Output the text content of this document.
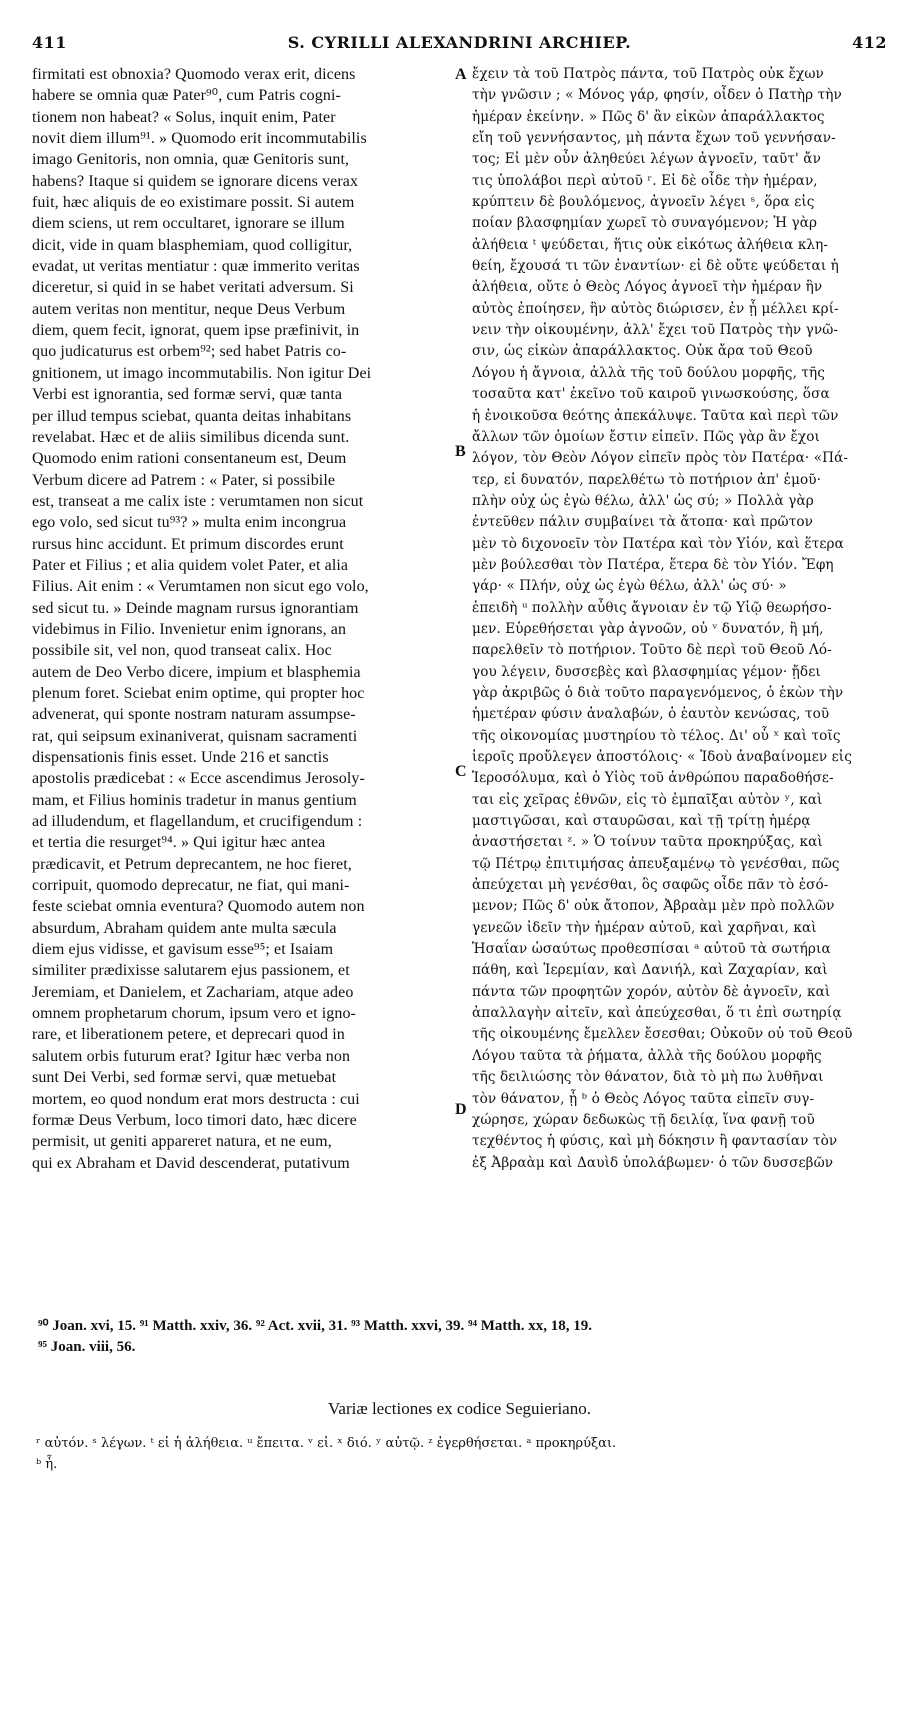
411	S. CYRILLI ALEXANDRINI ARCHIEP.	412
firmitati est obnoxia? Quomodo verax erit, dicens
habere se omnia quæ Pater⁹⁰, cum Patris cogni-
tionem non habeat? « Solus, inquit enim, Pater
novit diem illum⁹¹. » Quomodo erit incommutabilis
imago Genitoris, non omnia, quæ Genitoris sunt,
habens? Itaque si quidem se ignorare dicens verax
fuit, hæc aliquis de eo existimare possit. Si autem
diem sciens, ut rem occultaret, ignorare se illum
dicit, vide in quam blasphemiam, quod colligitur,
evadat, ut veritas mentiatur : quæ immerito veritas
diceretur, si quid in se habet veritati adversum. Si
autem veritas non mentitur, neque Deus Verbum
diem, quem fecit, ignorat, quem ipse præfinivit, in
quo judicaturus est orbem⁹²; sed habet Patris co-
gnitionem, ut imago incommutabilis. Non igitur Dei
Verbi est ignorantia, sed formæ servi, quæ tanta
per illud tempus sciebat, quanta deitas inhabitans
revelabat. Hæc et de aliis similibus dicenda sunt.
Quomodo enim rationi consentaneum est, Deum
Verbum dicere ad Patrem : « Pater, si possibile
est, transeat a me calix iste : verumtamen non sicut
ego volo, sed sicut tu⁹³? » multa enim incongrua
rursus hinc accidunt. Et primum discordes erunt
Pater et Filius ; et alia quidem volet Pater, et alia
Filius. Ait enim : « Verumtamen non sicut ego volo,
sed sicut tu. » Deinde magnam rursus ignorantiam
videbimus in Filio. Invenietur enim ignorans, an
possibile sit, vel non, quod transeat calix. Hoc
autem de Deo Verbo dicere, impium et blasphemia
plenum foret. Sciebat enim optime, qui propter hoc
advenerat, qui sponte nostram naturam assumpse-
rat, qui seipsum exinaniverat, quisnam sacramenti
dispensationis finis esset. Unde 216 et sanctis
apostolis prædicebat : « Ecce ascendimus Jerosoly-
mam, et Filius hominis tradetur in manus gentium
ad illudendum, et flagellandum, et crucifigendum :
et tertia die resurget⁹⁴. » Qui igitur hæc antea
prædicavit, et Petrum deprecantem, ne hoc fieret,
corripuit, quomodo deprecatur, ne fiat, qui mani-
feste sciebat omnia eventura? Quomodo autem non
absurdum, Abraham quidem ante multa sæcula
diem ejus vidisse, et gavisum esse⁹⁵; et Isaiam
similiter prædixisse salutarem ejus passionem, et
Jeremiam, et Danielem, et Zachariam, atque adeo
omnem prophetarum chorum, ipsum vero et igno-
rare, et liberationem petere, et deprecari quod in
salutem orbis futurum erat? Igitur hæc verba non
sunt Dei Verbi, sed formæ servi, quæ metuebat
mortem, eo quod nondum erat mors destructa : cui
formæ Deus Verbum, loco timori dato, hæc dicere
permisit, ut geniti appareret natura, et ne eum,
qui ex Abraham et David descenderat, putativum
ἔχειν τὰ τοῦ Πατρὸς πάντα, τοῦ Πατρὸς οὐκ ἔχων
τὴν γνῶσιν ; « Μόνος γάρ, φησίν, οἶδεν ὁ Πατὴρ τὴν
ἡμέραν ἐκείνην. » Πῶς δ' ἂν εἰκὼν ἀπαράλλακτος
εἴη τοῦ γεννήσαντος, μὴ πάντα ἔχων τοῦ γεννήσαν-
τος; Εἰ μὲν οὖν ἀληθεύει λέγων ἀγνοεῖν, ταῦτ' ἄν
τις ὑπολάβοι περὶ αὐτοῦ ʳ. Εἰ δὲ οἶδε τὴν ἡμέραν,
κρύπτειν δὲ βουλόμενος, ἀγνοεῖν λέγει ˢ, ὅρα εἰς
ποίαν βλασφημίαν χωρεῖ τὸ συναγόμενον; Ἡ γὰρ
ἀλήθεια ᵗ ψεύδεται, ἥτις οὐκ εἰκότως ἀλήθεια κλη-
θείη, ἔχουσά τι τῶν ἐναντίων· εἰ δὲ οὔτε ψεύδεται ἡ
ἀλήθεια, οὔτε ὁ Θεὸς Λόγος ἀγνοεῖ τὴν ἡμέραν ἣν
αὐτὸς ἐποίησεν, ἣν αὐτὸς διώρισεν, ἐν ᾗ μέλλει κρί-
νειν τὴν οἰκουμένην, ἀλλ' ἔχει τοῦ Πατρὸς τὴν γνῶ-
σιν, ὡς εἰκὼν ἀπαράλλακτος. Οὐκ ἄρα τοῦ Θεοῦ
Λόγου ἡ ἄγνοια, ἀλλὰ τῆς τοῦ δούλου μορφῆς, τῆς
τοσαῦτα κατ' ἐκεῖνο τοῦ καιροῦ γινωσκούσης, ὅσα
ἡ ἐνοικοῦσα θεότης ἀπεκάλυψε. Ταῦτα καὶ περὶ τῶν
ἄλλων τῶν ὁμοίων ἔστιν εἰπεῖν. Πῶς γὰρ ἂν ἔχοι
λόγον, τὸν Θεὸν Λόγον εἰπεῖν πρὸς τὸν Πατέρα· «Πά-
τερ, εἰ δυνατόν, παρελθέτω τὸ ποτήριον ἀπ' ἐμοῦ·
πλὴν οὐχ ὡς ἐγὼ θέλω, ἀλλ' ὡς σύ; » Πολλὰ γὰρ
ἐντεῦθεν πάλιν συμβαίνει τὰ ἄτοπα· καὶ πρῶτον
μὲν τὸ διχονοεῖν τὸν Πατέρα καὶ τὸν Υἱόν, καὶ ἕτερα
μὲν βούλεσθαι τὸν Πατέρα, ἕτερα δὲ τὸν Υἱόν. Ἔφη
γάρ· « Πλήν, οὐχ ὡς ἐγὼ θέλω, ἀλλ' ὡς σύ· »
ἐπειδὴ ᵘ πολλὴν αὖθις ἄγνοιαν ἐν τῷ Υἱῷ θεωρήσο-
μεν. Εὑρεθήσεται γὰρ ἀγνοῶν, οὐ ᵛ δυνατόν, ἢ μή,
παρελθεῖν τὸ ποτήριον. Τοῦτο δὲ περὶ τοῦ Θεοῦ Λό-
γου λέγειν, δυσσεβὲς καὶ βλασφημίας γέμον· ᾔδει
γὰρ ἀκριβῶς ὁ διὰ τοῦτο παραγενόμενος, ὁ ἑκὼν τὴν
ἡμετέραν φύσιν ἀναλαβών, ὁ ἑαυτὸν κενώσας, τοῦ
τῆς οἰκονομίας μυστηρίου τὸ τέλος. Δι' οὗ ˣ καὶ τοῖς
ἱεροῖς προὔλεγεν ἀποστόλοις· « Ἰδοὺ ἀναβαίνομεν εἰς
Ἱεροσόλυμα, καὶ ὁ Υἱὸς τοῦ ἀνθρώπου παραδοθήσε-
ται εἰς χεῖρας ἐθνῶν, εἰς τὸ ἐμπαῖξαι αὐτὸν ʸ, καὶ
μαστιγῶσαι, καὶ σταυρῶσαι, καὶ τῇ τρίτῃ ἡμέρᾳ
ἀναστήσεται ᶻ. » Ὁ τοίνυν ταῦτα προκηρύξας, καὶ
τῷ Πέτρῳ ἐπιτιμήσας ἀπευξαμένῳ τὸ γενέσθαι, πῶς
ἀπεύχεται μὴ γενέσθαι, ὃς σαφῶς οἶδε πᾶν τὸ ἐσό-
μενον; Πῶς δ' οὐκ ἄτοπον, Ἀβραὰμ μὲν πρὸ πολλῶν
γενεῶν ἰδεῖν τὴν ἡμέραν αὐτοῦ, καὶ χαρῆναι, καὶ
Ἡσαΐαν ὡσαύτως προθεσπίσαι ᵃ αὐτοῦ τὰ σωτήρια
πάθη, καὶ Ἱερεμίαν, καὶ Δανιήλ, καὶ Ζαχαρίαν, καὶ
πάντα τῶν προφητῶν χορόν, αὐτὸν δὲ ἀγνοεῖν, καὶ
ἀπαλλαγὴν αἰτεῖν, καὶ ἀπεύχεσθαι, ὅ τι ἐπὶ σωτηρίᾳ
τῆς οἰκουμένης ἔμελλεν ἔσεσθαι; Οὐκοῦν οὐ τοῦ Θεοῦ
Λόγου ταῦτα τὰ ῥήματα, ἀλλὰ τῆς δούλου μορφῆς
τῆς δειλιώσης τὸν θάνατον, διὰ τὸ μὴ πω λυθῆναι
τὸν θάνατον, ᾗ ᵇ ὁ Θεὸς Λόγος ταῦτα εἰπεῖν συγ-
χώρησε, χώραν δεδωκὼς τῇ δειλίᾳ, ἵνα φανῇ τοῦ
τεχθέντος ἡ φύσις, καὶ μὴ δόκησιν ἢ φαντασίαν τὸν
ἐξ Ἀβραὰμ καὶ Δαυὶδ ὑπολάβωμεν· ὁ τῶν δυσσεβῶν
A
B
C
D
⁹⁰ Joan. xvi, 15. ⁹¹ Matth. xxiv, 36. ⁹² Act. xvii, 31. ⁹³ Matth. xxvi, 39. ⁹⁴ Matth. xx, 18, 19.
⁹⁵ Joan. viii, 56.
Variæ lectiones ex codice Seguieriano.
ʳ αὐτόν. ˢ λέγων. ᵗ εἰ ἡ ἀλήθεια. ᵘ ἔπειτα. ᵛ εἰ. ˣ διό. ʸ αὐτῷ. ᶻ ἐγερθήσεται. ᵃ προκηρύξαι.
ᵇ ἧ.
